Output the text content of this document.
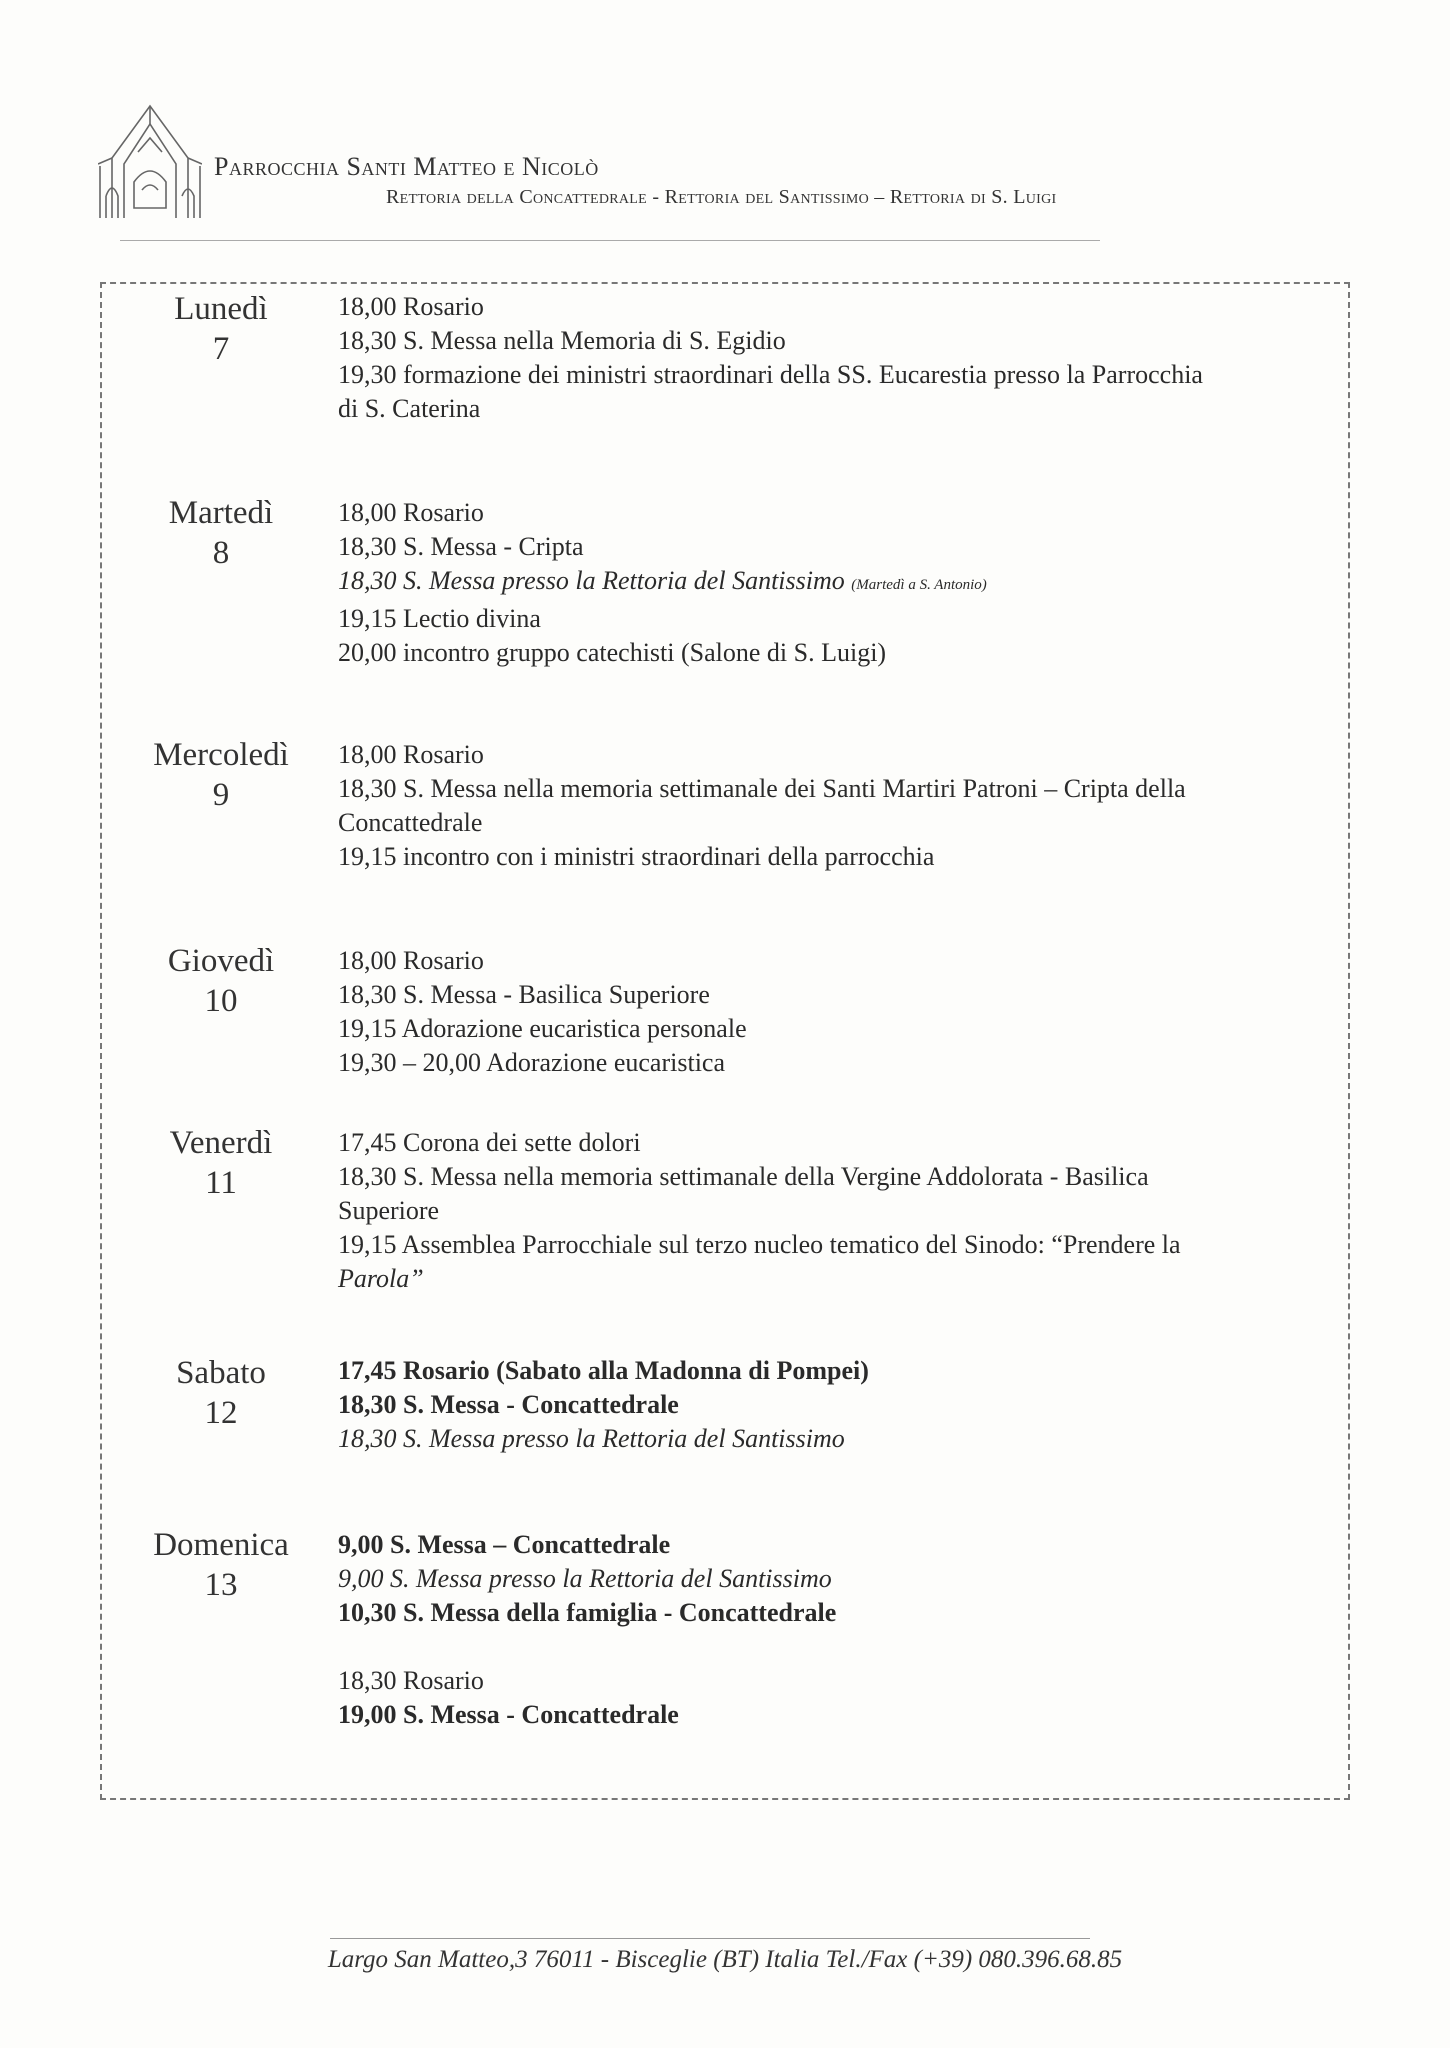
Parrocchia Santi Matteo e Nicolò
Rettoria della Concattedrale - Rettoria del Santissimo – Rettoria di S. Luigi
Lunedì
7
18,00 Rosario
18,30 S. Messa nella Memoria di S. Egidio
19,30 formazione dei ministri straordinari della SS. Eucarestia presso la Parrocchia
di S. Caterina
Martedì
8
18,00 Rosario
18,30 S. Messa - Cripta
18,30 S. Messa presso la Rettoria del Santissimo (Martedì a S. Antonio)
19,15 Lectio divina
20,00 incontro gruppo catechisti (Salone di S. Luigi)
Mercoledì
9
18,00 Rosario
18,30 S. Messa nella memoria settimanale dei Santi Martiri Patroni – Cripta della
Concattedrale
19,15 incontro con i ministri straordinari della parrocchia
Giovedì
10
18,00 Rosario
18,30 S. Messa - Basilica Superiore
19,15 Adorazione eucaristica personale
19,30 – 20,00 Adorazione eucaristica
Venerdì
11
17,45 Corona dei sette dolori
18,30 S. Messa nella memoria settimanale della Vergine Addolorata - Basilica
Superiore
19,15 Assemblea Parrocchiale sul terzo nucleo tematico del Sinodo: “Prendere la
Parola”
Sabato
12
17,45 Rosario (Sabato alla Madonna di Pompei)
18,30 S. Messa - Concattedrale
18,30 S. Messa presso la Rettoria del Santissimo
Domenica
13
9,00 S. Messa – Concattedrale
9,00 S. Messa presso la Rettoria del Santissimo
10,30 S. Messa della famiglia - Concattedrale
18,30 Rosario
19,00 S. Messa - Concattedrale
Largo San Matteo,3 76011 - Bisceglie (BT) Italia Tel./Fax (+39) 080.396.68.85
